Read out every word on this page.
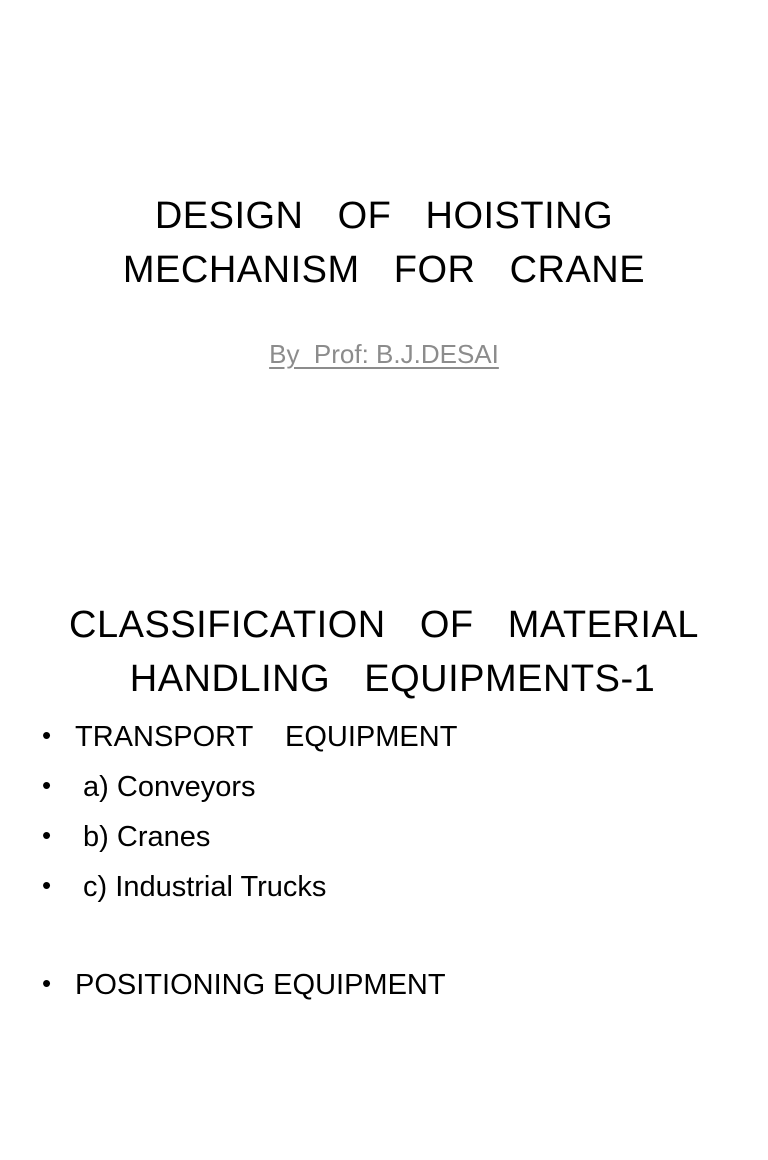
DESIGN  OF  HOISTING
MECHANISM  FOR  CRANE
By  Prof: B.J.DESAI
CLASSIFICATION  OF  MATERIAL
HANDLING  EQUIPMENTS-1

•

TRANSPORT    EQUIPMENT

•

a) Conveyors

•

b) Cranes

•

c) Industrial Trucks

•

POSITIONING EQUIPMENT
